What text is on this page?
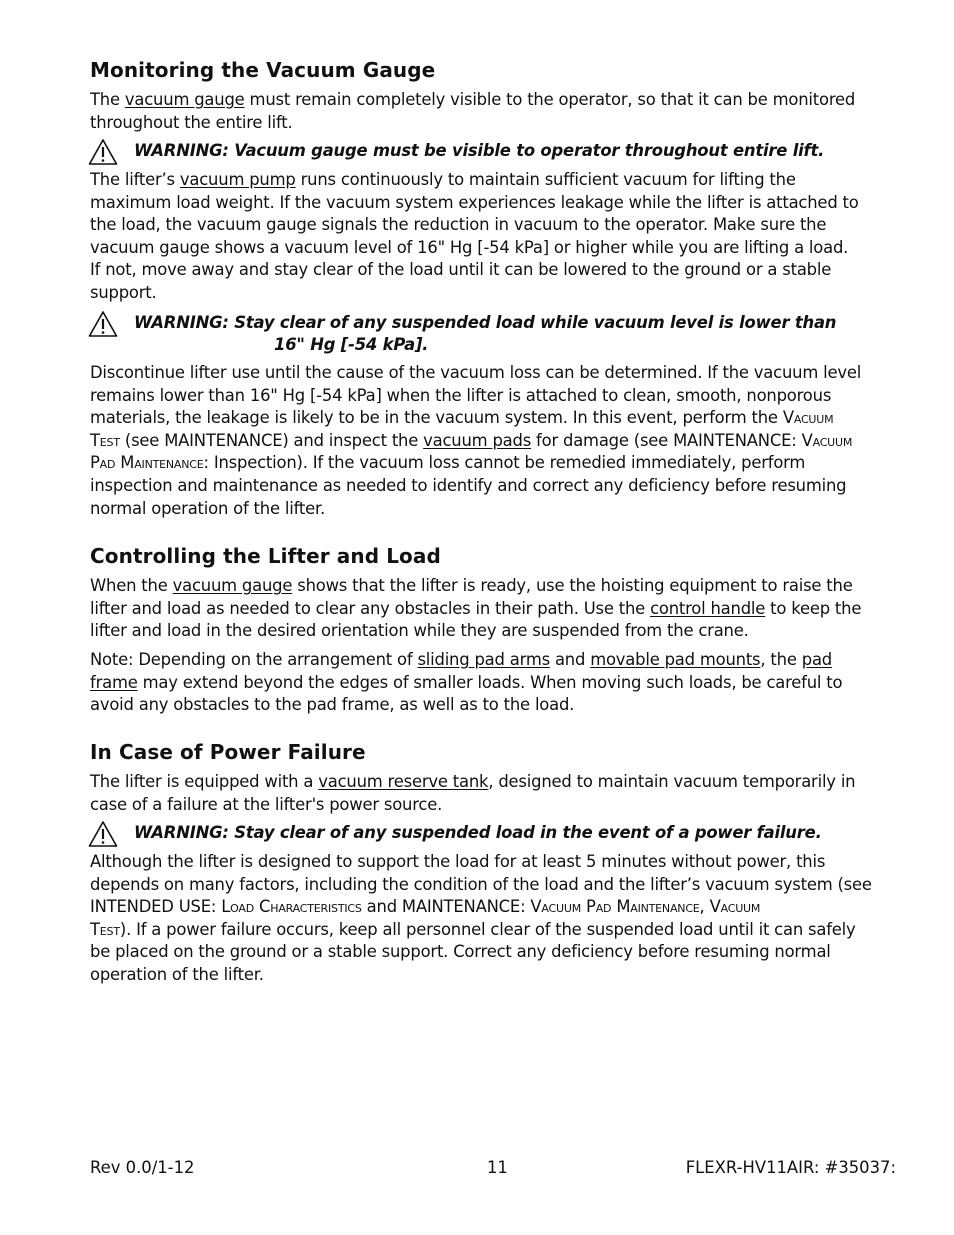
Monitoring the Vacuum Gauge

The vacuum gauge must remain completely visible to the operator, so that it can be monitored
throughout the entire lift.

WARNING: Vacuum gauge must be visible to operator throughout entire lift.

The lifter’s vacuum pump runs continuously to maintain sufficient vacuum for lifting the
maximum load weight. If the vacuum system experiences leakage while the lifter is attached to
the load, the vacuum gauge signals the reduction in vacuum to the operator. Make sure the
vacuum gauge shows a vacuum level of 16" Hg [-54 kPa] or higher while you are lifting a load.
If not, move away and stay clear of the load until it can be lowered to the ground or a stable
support.

WARNING: Stay clear of any suspended load while vacuum level is lower than
16" Hg [-54 kPa].

Discontinue lifter use until the cause of the vacuum loss can be determined. If the vacuum level
remains lower than 16" Hg [-54 kPa] when the lifter is attached to clean, smooth, nonporous
materials, the leakage is likely to be in the vacuum system. In this event, perform the Vacuum
Test (see MAINTENANCE) and inspect the vacuum pads for damage (see MAINTENANCE: Vacuum
Pad Maintenance: Inspection). If the vacuum loss cannot be remedied immediately, perform
inspection and maintenance as needed to identify and correct any deficiency before resuming
normal operation of the lifter.

Controlling the Lifter and Load

When the vacuum gauge shows that the lifter is ready, use the hoisting equipment to raise the
lifter and load as needed to clear any obstacles in their path. Use the control handle to keep the
lifter and load in the desired orientation while they are suspended from the crane.

Note: Depending on the arrangement of sliding pad arms and movable pad mounts, the pad
frame may extend beyond the edges of smaller loads. When moving such loads, be careful to
avoid any obstacles to the pad frame, as well as to the load.

In Case of Power Failure

The lifter is equipped with a vacuum reserve tank, designed to maintain vacuum temporarily in
case of a failure at the lifter's power source.

WARNING: Stay clear of any suspended load in the event of a power failure.

Although the lifter is designed to support the load for at least 5 minutes without power, this
depends on many factors, including the condition of the load and the lifter’s vacuum system (see
INTENDED USE: Load Characteristics and MAINTENANCE: Vacuum Pad Maintenance, Vacuum
Test). If a power failure occurs, keep all personnel clear of the suspended load until it can safely
be placed on the ground or a stable support. Correct any deficiency before resuming normal
operation of the lifter.

Rev 0.0/1-12	11	FLEXR-HV11AIR: #35037:
